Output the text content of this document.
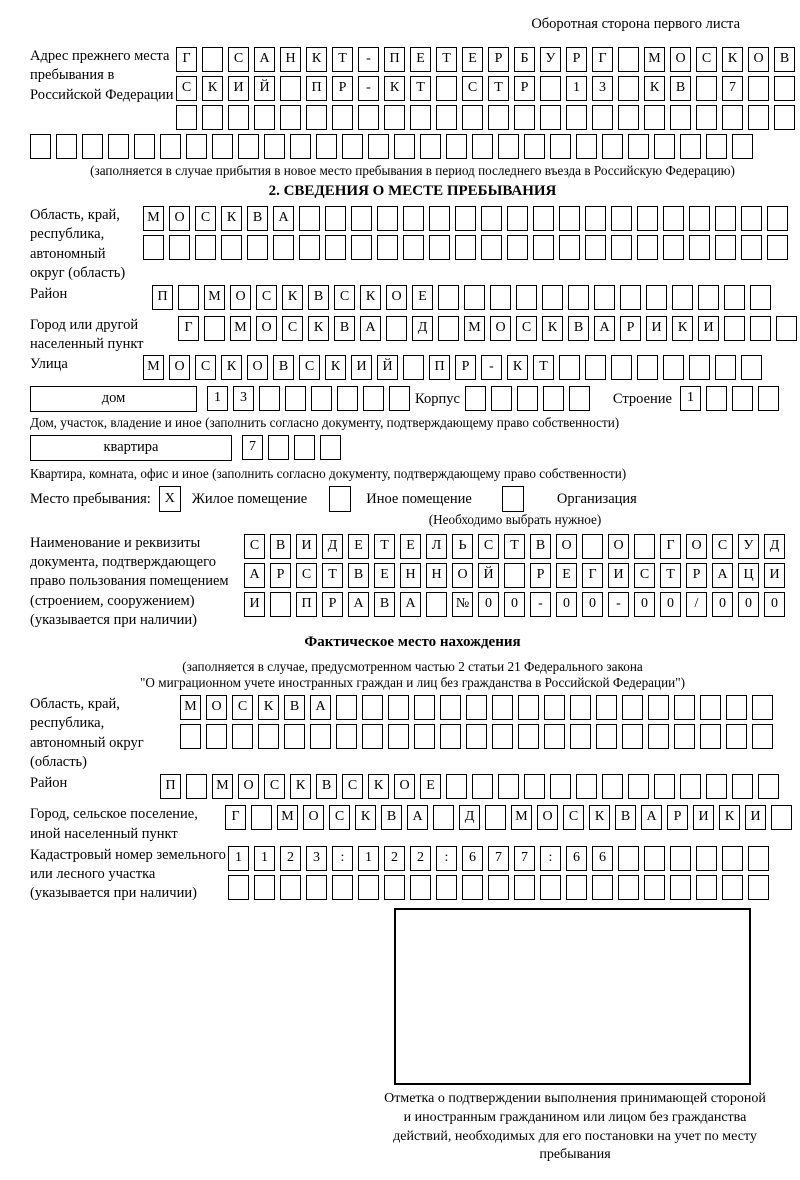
Оборотная сторона первого листа
Адрес прежнего места пребывания в Российской Федерации
Г	С А Н К Т - П Е Т Е Р Б У Р Г	М О С К О В
С К И Й	П Р - К Т	С Т Р	1 3	К В	7
(заполняется в случае прибытия в новое место пребывания в период последнего въезда в Российскую Федерацию)
2. СВЕДЕНИЯ О МЕСТЕ ПРЕБЫВАНИЯ
Область, край, республика, автономный округ (область)
М О С К В А
Район	П	М О С К В С К О Е
Город или другой населенный пункт
Г	М О С К В А	Д	М О С К В А Р И К И
Улица	М О С К О В С К И Й	П Р - К Т
дом	1 3	Корпус	Строение	1
Дом, участок, владение и иное (заполнить согласно документу, подтверждающему право собственности)
квартира	7
Квартира, комната, офис и иное (заполнить согласно документу, подтверждающему право собственности)
Место пребывания: X	Жилое помещение	Иное помещение	Организация
(Необходимо выбрать нужное)
Наименование и реквизиты документа, подтверждающего право пользования помещением (строением, сооружением) (указывается при наличии)
С В И Д Е Т Е Л Ь С Т В О	О	Г О С У Д
А Р С Т В Е Н Н О Й	Р Е Г И С Т Р А Ц И
И	П Р А В А	№ 0 0 - 0 0 - 0 0 / 0 0 0
Фактическое место нахождения
(заполняется в случае, предусмотренном частью 2 статьи 21 Федерального закона
"О миграционном учете иностранных граждан и лиц без гражданства в Российской Федерации")
Область, край, республика, автономный округ (область)
М О С К В А
Район	П	М О С К В С К О Е
Город, сельское поселение, иной населенный пункт
Г	М О С К В А	Д	М О С К В А Р И К И
Кадастровый номер земельного или лесного участка (указывается при наличии)
1 1 2 3 : 1 2 2 : 6 7 7 : 6 6
Отметка о подтверждении выполнения принимающей стороной и иностранным гражданином или лицом без гражданства действий, необходимых для его постановки на учет по месту пребывания
